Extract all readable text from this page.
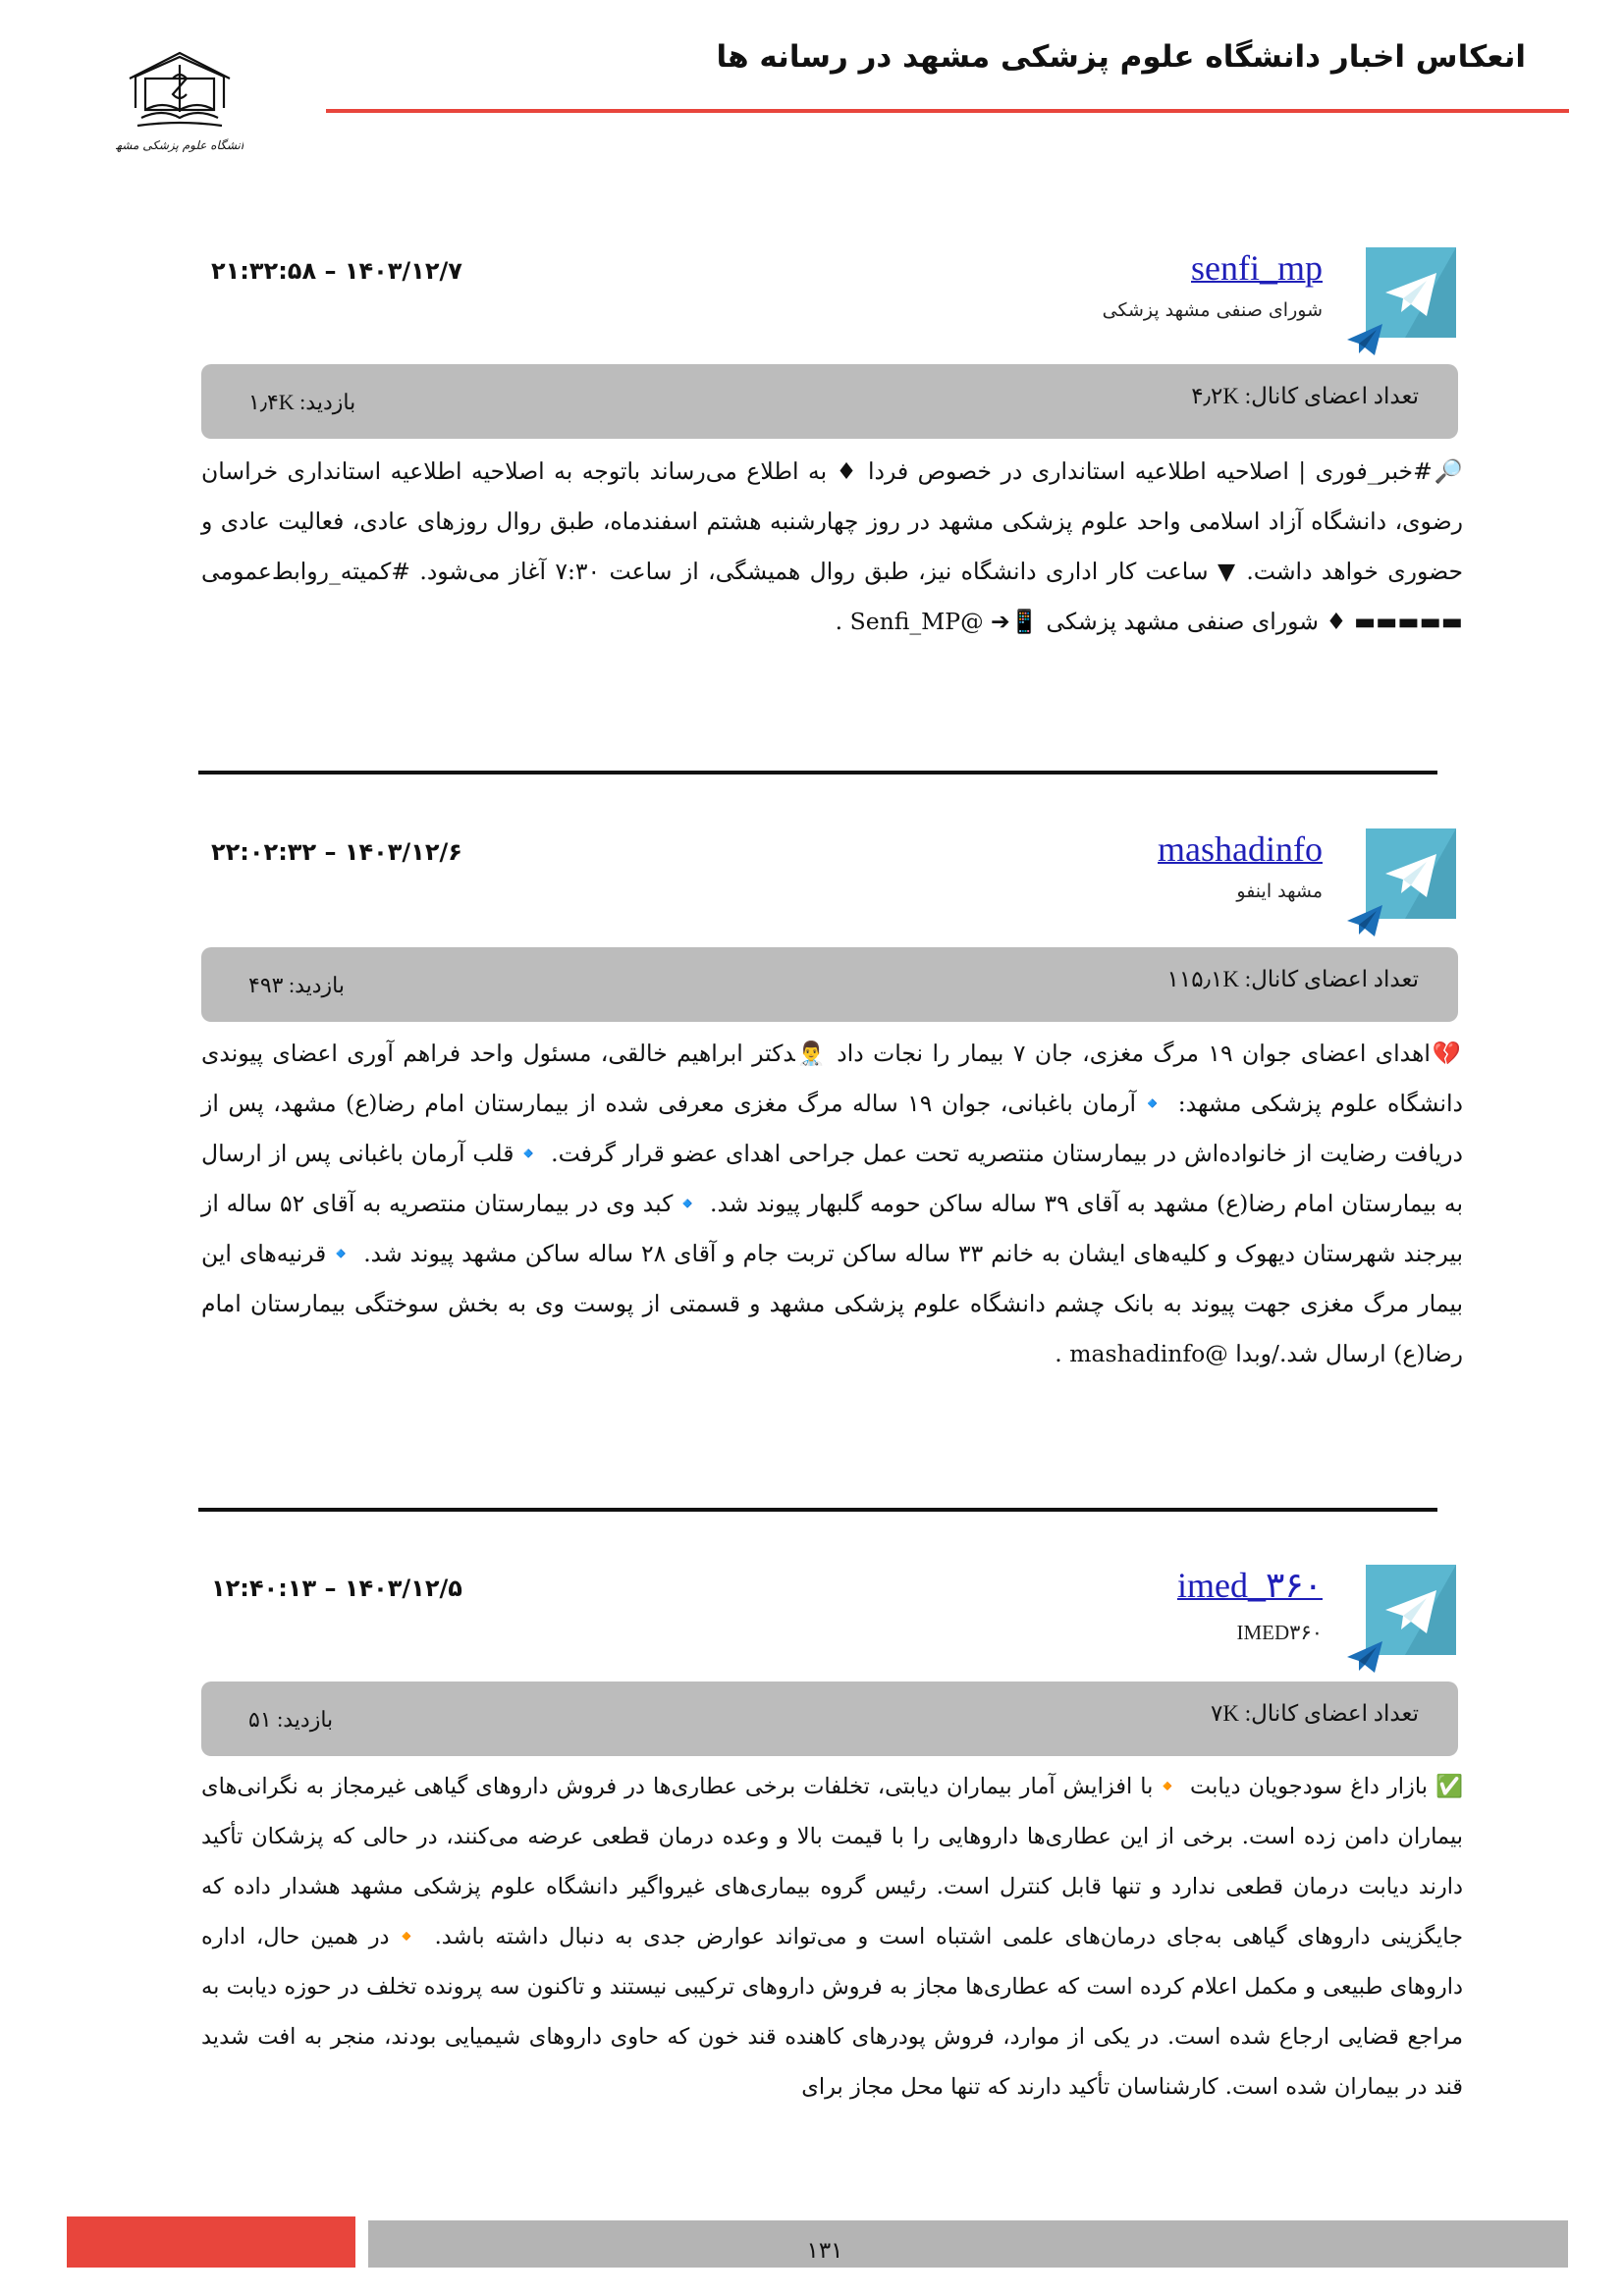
دانشگاه علوم پزشکی مشهد
انعکاس اخبار دانشگاه علوم پزشکی مشهد در رسانه ها
senfi_mp
شورای صنفی مشهد پزشکی
۱۴۰۳/۱۲/۷ – ۲۱:۳۲:۵۸
تعداد اعضای کانال: ۴٫۲K
بازدید: ۱٫۴K
🔎#خبر_فوری | اصلاحیه اطلاعیه استانداری در خصوص فردا ♦ به اطلاع می‌رساند باتوجه به اصلاحیه اطلاعیه استانداری خراسان رضوی، دانشگاه آزاد اسلامی واحد علوم پزشکی مشهد در روز چهارشنبه هشتم اسفندماه، طبق روال روزهای عادی، فعالیت عادی و حضوری خواهد داشت. ▼ ساعت کار اداری دانشگاه نیز، طبق روال همیشگی، از ساعت ۷:۳۰ آغاز می‌شود. #کمیته_روابط‌عمومی ▬▬▬▬▬ ♦ شورای صنفی مشهد پزشکی 📱➔ @Senfi_MP .
mashadinfo
مشهد اینفو
۱۴۰۳/۱۲/۶ – ۲۲:۰۲:۳۲
تعداد اعضای کانال: ۱۱۵٫۱K
بازدید: ۴۹۳
💔اهدای اعضای جوان ۱۹ مرگ مغزی، جان ۷ بیمار را نجات داد 👨‍⚕️‍دکتر ابراهیم خالقی، مسئول واحد فراهم آوری اعضای پیوندی دانشگاه علوم پزشکی مشهد: 🔹آرمان باغبانی، جوان ۱۹ ساله مرگ مغزی معرفی شده از بیمارستان امام رضا(ع) مشهد، پس از دریافت رضایت از خانواده‌اش در بیمارستان منتصریه تحت عمل جراحی اهدای عضو قرار گرفت. 🔹قلب آرمان باغبانی پس از ارسال به بیمارستان امام رضا(ع) مشهد به آقای ۳۹ ساله ساکن حومه گلبهار پیوند شد. 🔹کبد وی در بیمارستان منتصریه به آقای ۵۲ ساله از بیرجند شهرستان دیهوک و کلیه‌های ایشان به خانم ۳۳ ساله ساکن تربت جام و آقای ۲۸ ساله ساکن مشهد پیوند شد. 🔹قرنیه‌های این بیمار مرگ مغزی جهت پیوند به بانک چشم دانشگاه علوم پزشکی مشهد و قسمتی از پوست وی به بخش سوختگی بیمارستان امام رضا(ع) ارسال شد./وبدا @mashadinfo .
imed_۳۶۰
IMED۳۶۰
۱۴۰۳/۱۲/۵ – ۱۲:۴۰:۱۳
تعداد اعضای کانال: ۷K
بازدید: ۵۱
✅ بازار داغ سودجویان دیابت 🔸با افزایش آمار بیماران دیابتی، تخلفات برخی عطاری‌ها در فروش داروهای گیاهی غیرمجاز به نگرانی‌های بیماران دامن زده است. برخی از این عطاری‌ها داروهایی را با قیمت بالا و وعده درمان قطعی عرضه می‌کنند، در حالی که پزشکان تأکید دارند دیابت درمان قطعی ندارد و تنها قابل کنترل است. رئیس گروه بیماری‌های غیرواگیر دانشگاه علوم پزشکی مشهد هشدار داده که جایگزینی داروهای گیاهی به‌جای درمان‌های علمی اشتباه است و می‌تواند عوارض جدی به دنبال داشته باشد. 🔸در همین حال، اداره داروهای طبیعی و مکمل اعلام کرده است که عطاری‌ها مجاز به فروش داروهای ترکیبی نیستند و تاکنون سه پرونده تخلف در حوزه دیابت به مراجع قضایی ارجاع شده است. در یکی از موارد، فروش پودرهای کاهنده قند خون که حاوی داروهای شیمیایی بودند، منجر به افت شدید قند در بیماران شده است. کارشناسان تأکید دارند که تنها محل مجاز برای
۱۳۱
